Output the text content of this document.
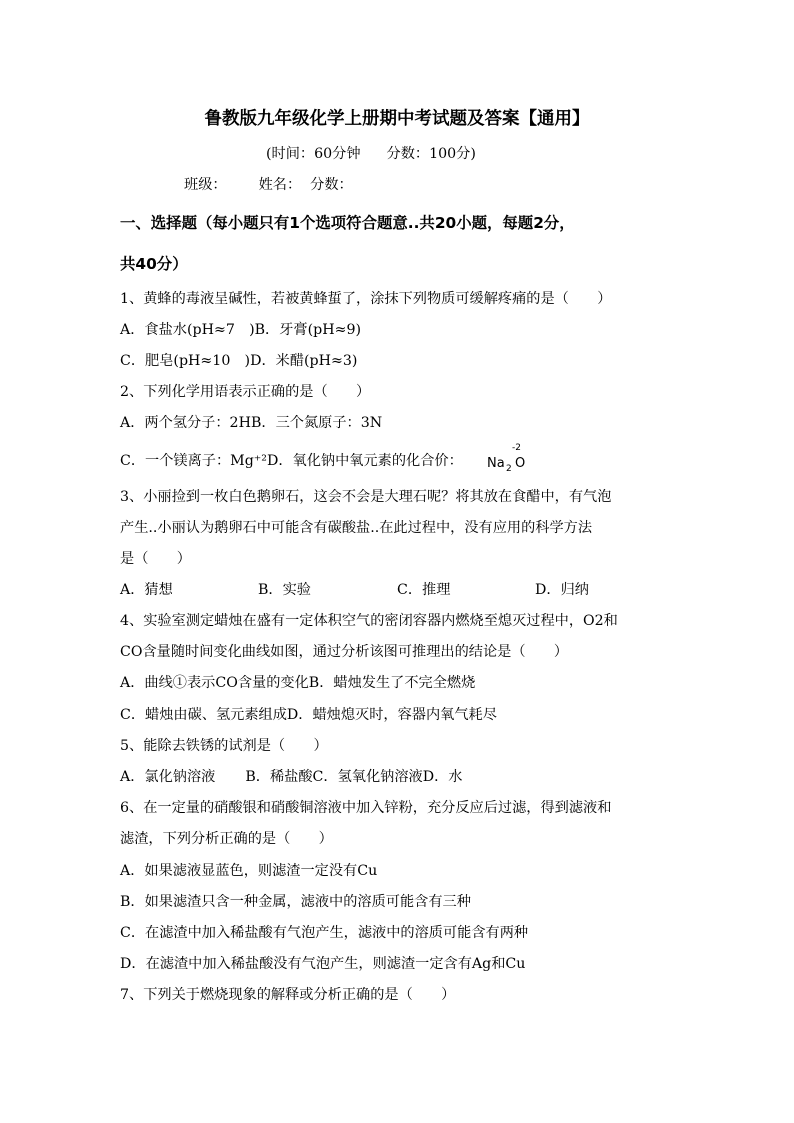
鲁教版九年级化学上册期中考试题及答案【通用】
(时间：60分钟 分数：100分)
班级： 姓名： 分数：
一、选择题（每小题只有1个选项符合题意..共20小题，每题2分，
共40分）
1、黄蜂的毒液呈碱性，若被黄蜂蜇了，涂抹下列物质可缓解疼痛的是（　　）
A．食盐水(pH≈7　)B．牙膏(pH≈9)
C．肥皂(pH≈10　)D．米醋(pH≈3)
2、下列化学用语表示正确的是（　　）
A．两个氢分子：2HB．三个氮原子：3N
C．一个镁离子：Mg⁺²D．氧化钠中氧元素的化合价： Na 2 O
-2
3、小丽捡到一枚白色鹅卵石，这会不会是大理石呢？将其放在食醋中，有气泡
产生..小丽认为鹅卵石中可能含有碳酸盐..在此过程中，没有应用的科学方法
是（　　）
A．猜想	B．实验	C．推理	D．归纳
4、实验室测定蜡烛在盛有一定体积空气的密闭容器内燃烧至熄灭过程中，O2和
CO含量随时间变化曲线如图，通过分析该图可推理出的结论是（　　）
A．曲线①表示CO含量的变化B．蜡烛发生了不完全燃烧
C．蜡烛由碳、氢元素组成D．蜡烛熄灭时，容器内氧气耗尽
5、能除去铁锈的试剂是（　　）
A．氯化钠溶液 B．稀盐酸C．氢氧化钠溶液D．水
6、在一定量的硝酸银和硝酸铜溶液中加入锌粉，充分反应后过滤，得到滤液和
滤渣，下列分析正确的是（　　）
A．如果滤液显蓝色，则滤渣一定没有Cu
B．如果滤渣只含一种金属，滤液中的溶质可能含有三种
C．在滤渣中加入稀盐酸有气泡产生，滤液中的溶质可能含有两种
D．在滤渣中加入稀盐酸没有气泡产生，则滤渣一定含有Ag和Cu
7、下列关于燃烧现象的解释或分析正确的是（　　）
